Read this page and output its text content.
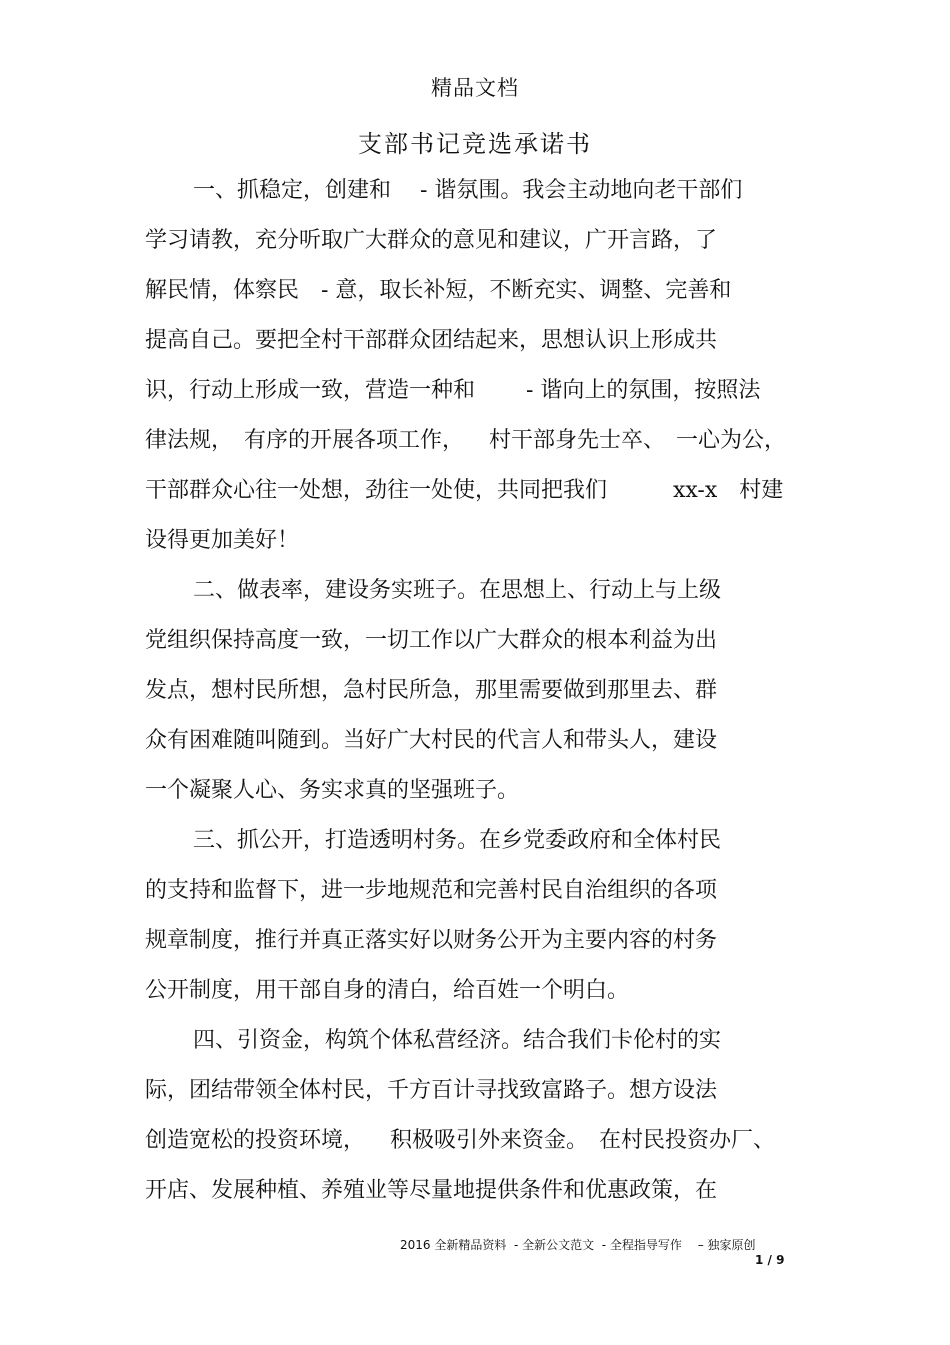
精品文档
支部书记竞选承诺书
一、抓稳定，创建和　 - 谐氛围。我会主动地向老干部们
学习请教，充分听取广大群众的意见和建议，广开言路，了
解民情，体察民　- 意，取长补短，不断充实、调整、完善和
提高自己。要把全村干部群众团结起来，思想认识上形成共
识，行动上形成一致，营造一种和　　 - 谐向上的氛围，按照法
律法规，　有序的开展各项工作，　  村干部身先士卒、　一心为公，
干部群众心往一处想，劲往一处使，共同把我们　　　xx-x　村建
设得更加美好！
二、做表率，建设务实班子。在思想上、行动上与上级
党组织保持高度一致，一切工作以广大群众的根本利益为出
发点，想村民所想，急村民所急，那里需要做到那里去、群
众有困难随叫随到。当好广大村民的代言人和带头人，建设
一个凝聚人心、务实求真的坚强班子。
三、抓公开，打造透明村务。在乡党委政府和全体村民
的支持和监督下，进一步地规范和完善村民自治组织的各项
规章制度，推行并真正落实好以财务公开为主要内容的村务
公开制度，用干部自身的清白，给百姓一个明白。
四、引资金，构筑个体私营经济。结合我们卡伦村的实
际，团结带领全体村民，千方百计寻找致富路子。想方设法
创造宽松的投资环境，　  积极吸引外来资金。　在村民投资办厂、
开店、发展种植、养殖业等尽量地提供条件和优惠政策，在
2016 全新精品资料  - 全新公文范文  - 全程指导写作　 – 独家原创
1 / 9
